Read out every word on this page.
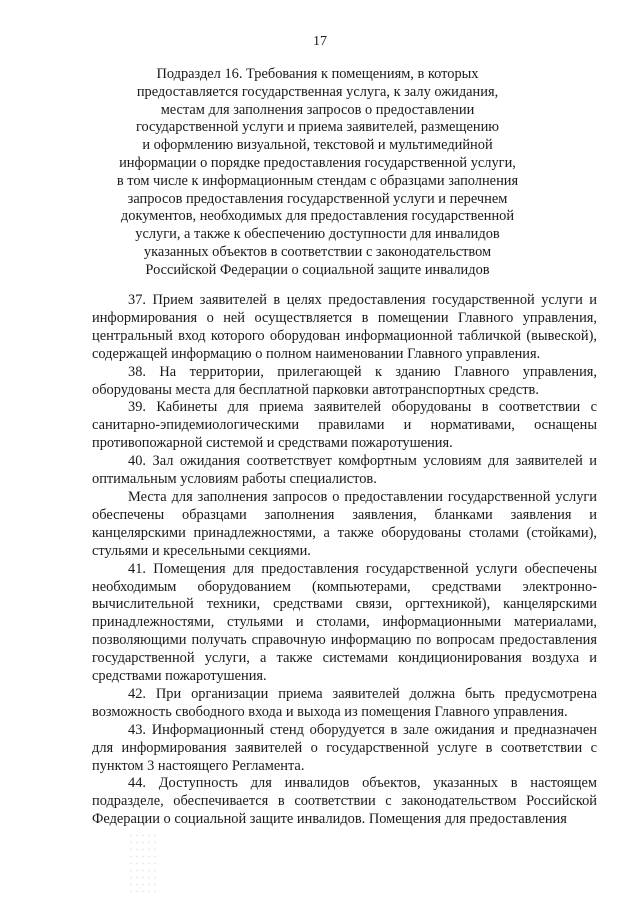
17
Подраздел 16. Требования к помещениям, в которых
предоставляется государственная услуга, к залу ожидания,
местам для заполнения запросов о предоставлении
государственной услуги и приема заявителей, размещению
и оформлению визуальной, текстовой и мультимедийной
информации о порядке предоставления государственной услуги,
в том числе к информационным стендам с образцами заполнения
запросов предоставления государственной услуги и перечнем
документов, необходимых для предоставления государственной
услуги, а также к обеспечению доступности для инвалидов
указанных объектов в соответствии с законодательством
Российской Федерации о социальной защите инвалидов

37. Прием заявителей в целях предоставления государственной услуги и информирования о ней осуществляется в помещении Главного управления, центральный вход которого оборудован информационной табличкой (вывеской), содержащей информацию о полном наименовании Главного управления.

38. На территории, прилегающей к зданию Главного управления, оборудованы места для бесплатной парковки автотранспортных средств.

39. Кабинеты для приема заявителей оборудованы в соответствии с санитарно-эпидемиологическими правилами и нормативами, оснащены противопожарной системой и средствами пожаротушения.

40. Зал ожидания соответствует комфортным условиям для заявителей и оптимальным условиям работы специалистов.

Места для заполнения запросов о предоставлении государственной услуги обеспечены образцами заполнения заявления, бланками заявления и канцелярскими принадлежностями, а также оборудованы столами (стойками), стульями и кресельными секциями.

41. Помещения для предоставления государственной услуги обеспечены необходимым оборудованием (компьютерами, средствами электронно-вычислительной техники, средствами связи, оргтехникой), канцелярскими принадлежностями, стульями и столами, информационными материалами, позволяющими получать справочную информацию по вопросам предоставления государственной услуги, а также системами кондиционирования воздуха и средствами пожаротушения.

42. При организации приема заявителей должна быть предусмотрена возможность свободного входа и выхода из помещения Главного управления.

43. Информационный стенд оборудуется в зале ожидания и предназначен для информирования заявителей о государственной услуге в соответствии с пунктом 3 настоящего Регламента.

44. Доступность для инвалидов объектов, указанных в настоящем подразделе, обеспечивается в соответствии с законодательством Российской Федерации о социальной защите инвалидов. Помещения для предоставления
